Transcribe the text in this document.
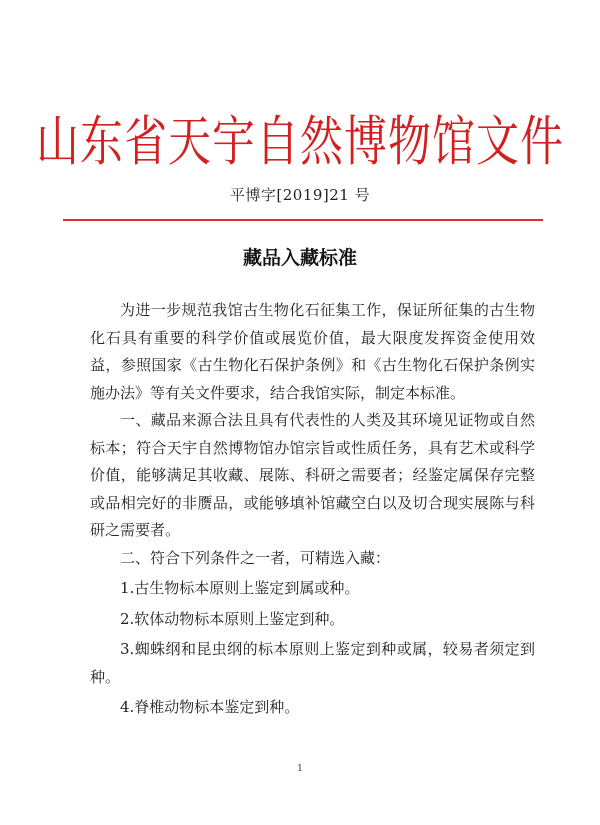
山东省天宇自然博物馆文件
平博字[2019]21 号
藏品入藏标准

为进一步规范我馆古生物化石征集工作，保证所征集的古生物化石具有重要的科学价值或展览价值，最大限度发挥资金使用效益，参照国家《古生物化石保护条例》和《古生物化石保护条例实施办法》等有关文件要求，结合我馆实际，制定本标准。

一、藏品来源合法且具有代表性的人类及其环境见证物或自然标本；符合天宇自然博物馆办馆宗旨或性质任务，具有艺术或科学价值，能够满足其收藏、展陈、科研之需要者；经鉴定属保存完整或品相完好的非赝品，或能够填补馆藏空白以及切合现实展陈与科研之需要者。

二、符合下列条件之一者，可精选入藏：

1.古生物标本原则上鉴定到属或种。

2.软体动物标本原则上鉴定到种。

3.蜘蛛纲和昆虫纲的标本原则上鉴定到种或属，较易者须定到种。

4.脊椎动物标本鉴定到种。

1
